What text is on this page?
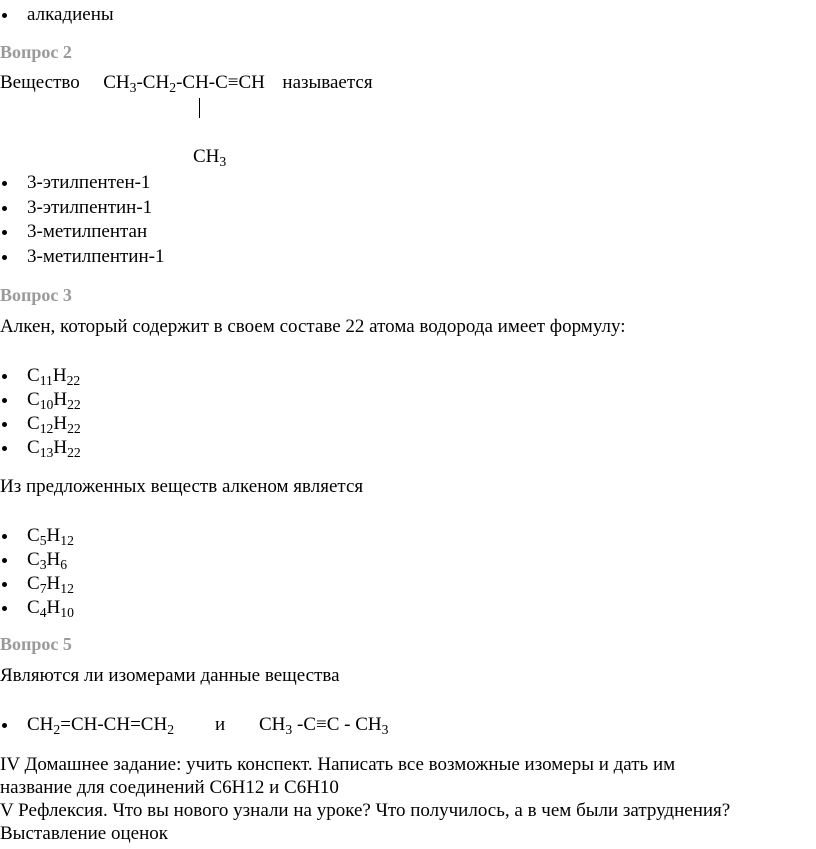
алкадиены
Вопрос 2
Вещество $CH_3-CH_2-CH-C\equiv CH$ называется
$CH_3$
3-этилпентен-1
3-этилпентин-1
3-метилпентан
3-метилпентин-1
Вопрос 3
Алкен, который содержит в своем составе 22 атома водорода имеет формулу:
$C_{11}H_{22}$
$C_{10}H_{22}$
$C_{12}H_{22}$
$C_{13}H_{22}$
Из предложенных веществ алкеном является
$C_5H_{12}$
$C_3H_6$
$C_7H_{12}$
$C_4H_{10}$
Вопрос 5
Являются ли изомерами данные вещества
$CH_2=CH-CH=CH_2$ и $CH_3$ $-C\equiv C - CH_3$
IV Домашнее задание: учить конспект. Написать все возможные изомеры и дать им
название для соединений С6Н12 и С6Н10
V Рефлексия. Что вы нового узнали на уроке? Что получилось, а в чем были затруднения?
Выставление оценок
